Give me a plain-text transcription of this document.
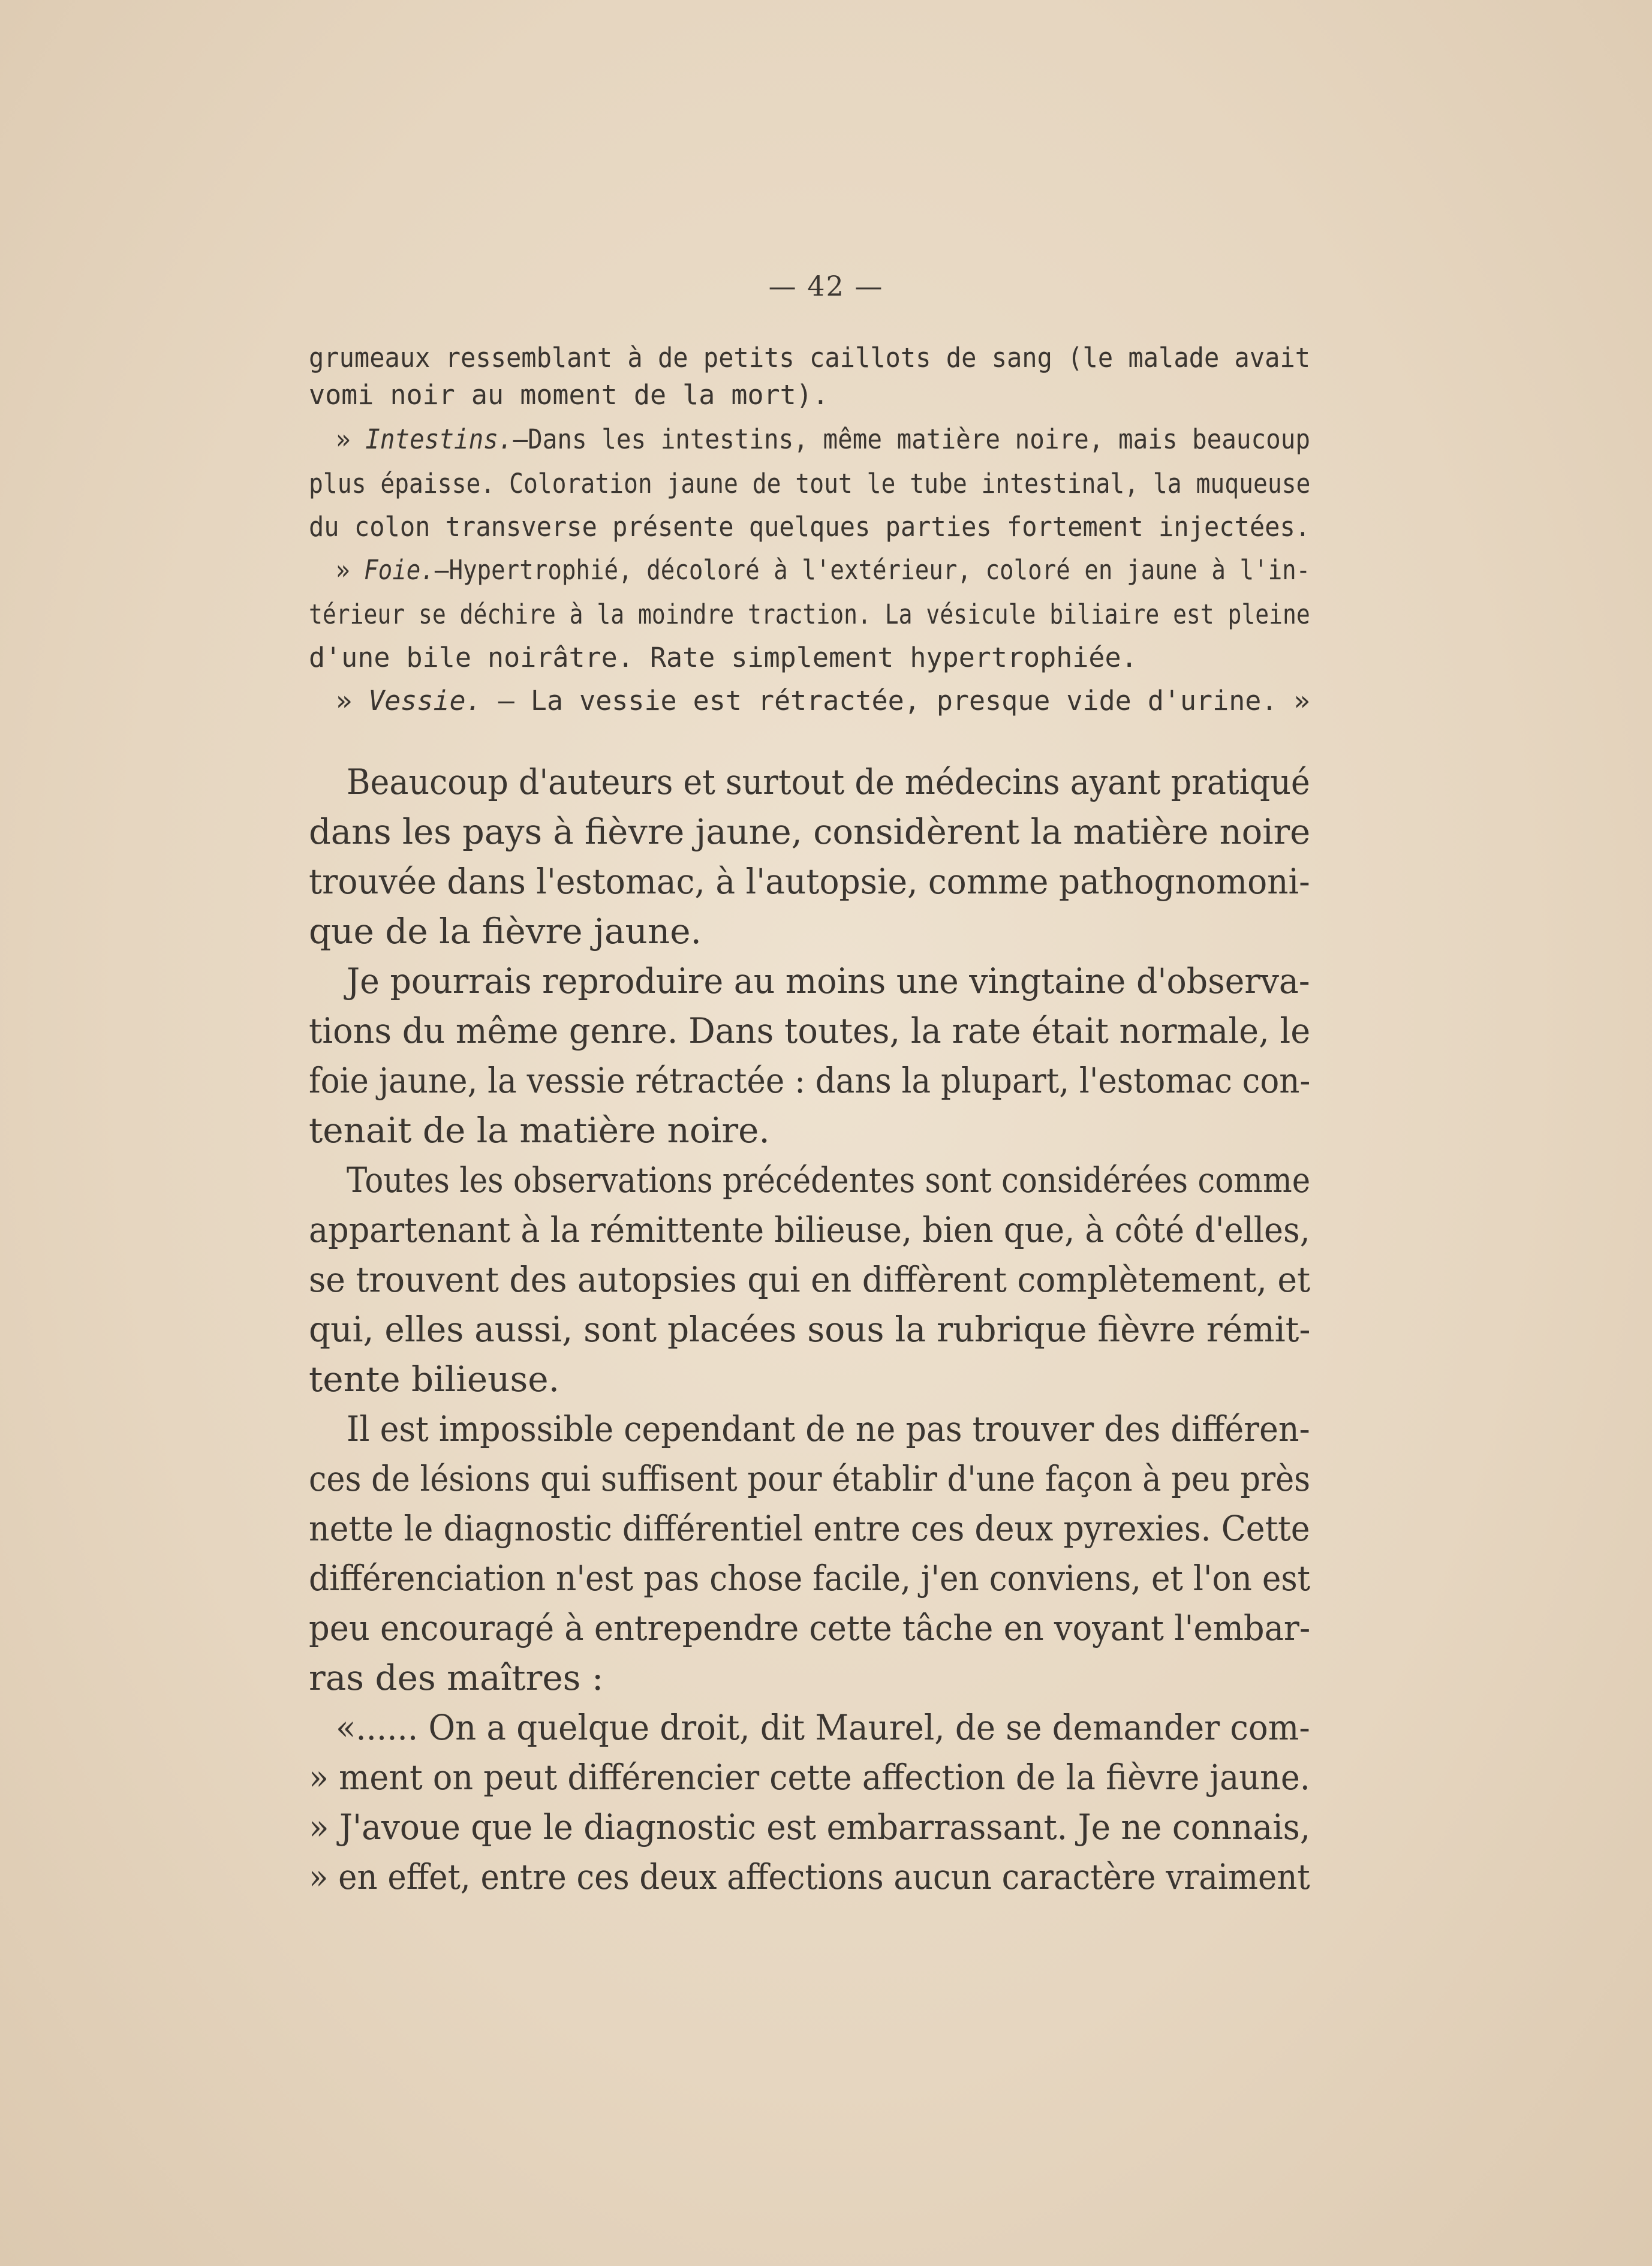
— 42 —
grumeaux ressemblant à de petits caillots de sang (le malade avait
vomi noir au moment de la mort).
» Intestins.—Dans les intestins, même matière noire, mais beaucoup
plus épaisse. Coloration jaune de tout le tube intestinal, la muqueuse
du colon transverse présente quelques parties fortement injectées.
» Foie.—Hypertrophié, décoloré à l'extérieur, coloré en jaune à l'in-
térieur se déchire à la moindre traction. La vésicule biliaire est pleine
d'une bile noirâtre. Rate simplement hypertrophiée.
» Vessie. — La vessie est rétractée, presque vide d'urine. »
Beaucoup d'auteurs et surtout de médecins ayant pratiqué
dans les pays à fièvre jaune, considèrent la matière noire
trouvée dans l'estomac, à l'autopsie, comme pathognomoni-
que de la fièvre jaune.
Je pourrais reproduire au moins une vingtaine d'observa-
tions du même genre. Dans toutes, la rate était normale, le
foie jaune, la vessie rétractée : dans la plupart, l'estomac con-
tenait de la matière noire.
Toutes les observations précédentes sont considérées comme
appartenant à la rémittente bilieuse, bien que, à côté d'elles,
se trouvent des autopsies qui en diffèrent complètement, et
qui, elles aussi, sont placées sous la rubrique fièvre rémit-
tente bilieuse.
Il est impossible cependant de ne pas trouver des différen-
ces de lésions qui suffisent pour établir d'une façon à peu près
nette le diagnostic différentiel entre ces deux pyrexies. Cette
différenciation n'est pas chose facile, j'en conviens, et l'on est
peu encouragé à entrependre cette tâche en voyant l'embar-
ras des maîtres :
«...... On a quelque droit, dit Maurel, de se demander com-
» ment on peut différencier cette affection de la fièvre jaune.
» J'avoue que le diagnostic est embarrassant. Je ne connais,
» en effet, entre ces deux affections aucun caractère vraiment
